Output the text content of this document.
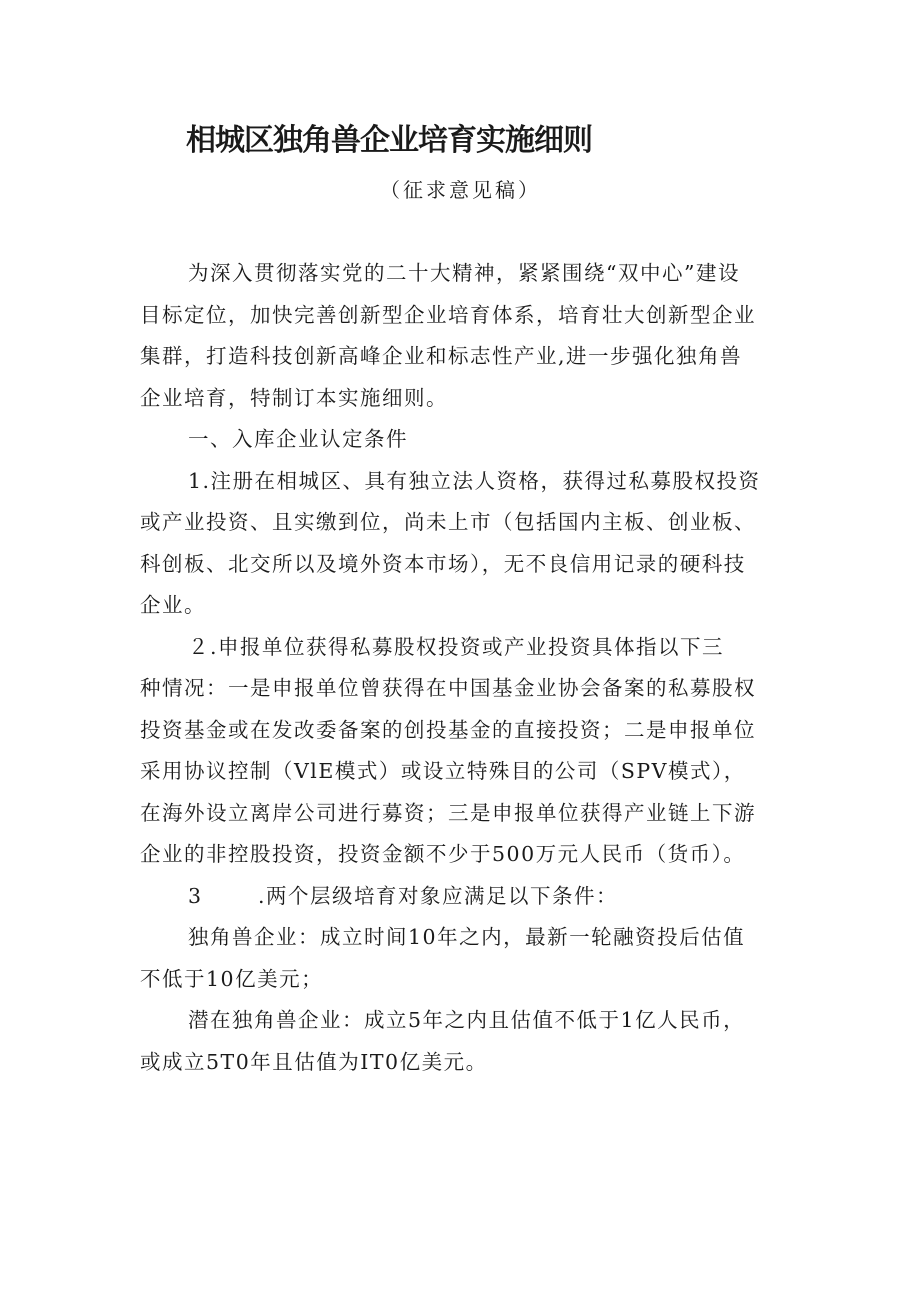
相城区独角兽企业培育实施细则

（征求意见稿）

为深入贯彻落实党的二十大精神，紧紧围绕“双中心”建设

目标定位，加快完善创新型企业培育体系，培育壮大创新型企业

集群，打造科技创新高峰企业和标志性产业,进一步强化独角兽

企业培育，特制订本实施细则。

一、入库企业认定条件

1.注册在相城区、具有独立法人资格，获得过私募股权投资

或产业投资、且实缴到位，尚未上市（包括国内主板、创业板、

科创板、北交所以及境外资本市场），无不良信用记录的硬科技

企业。

２.申报单位获得私募股权投资或产业投资具体指以下三

种情况：一是申报单位曾获得在中国基金业协会备案的私募股权

投资基金或在发改委备案的创投基金的直接投资；二是申报单位

采用协议控制（VlE模式）或设立特殊目的公司（SPV模式），

在海外设立离岸公司进行募资；三是申报单位获得产业链上下游

企业的非控股投资，投资金额不少于500万元人民币（货币）。

3	.两个层级培育对象应满足以下条件：

独角兽企业：成立时间10年之内，最新一轮融资投后估值

不低于10亿美元；

潜在独角兽企业：成立5年之内且估值不低于1亿人民币，

或成立5T0年且估值为IT0亿美元。
